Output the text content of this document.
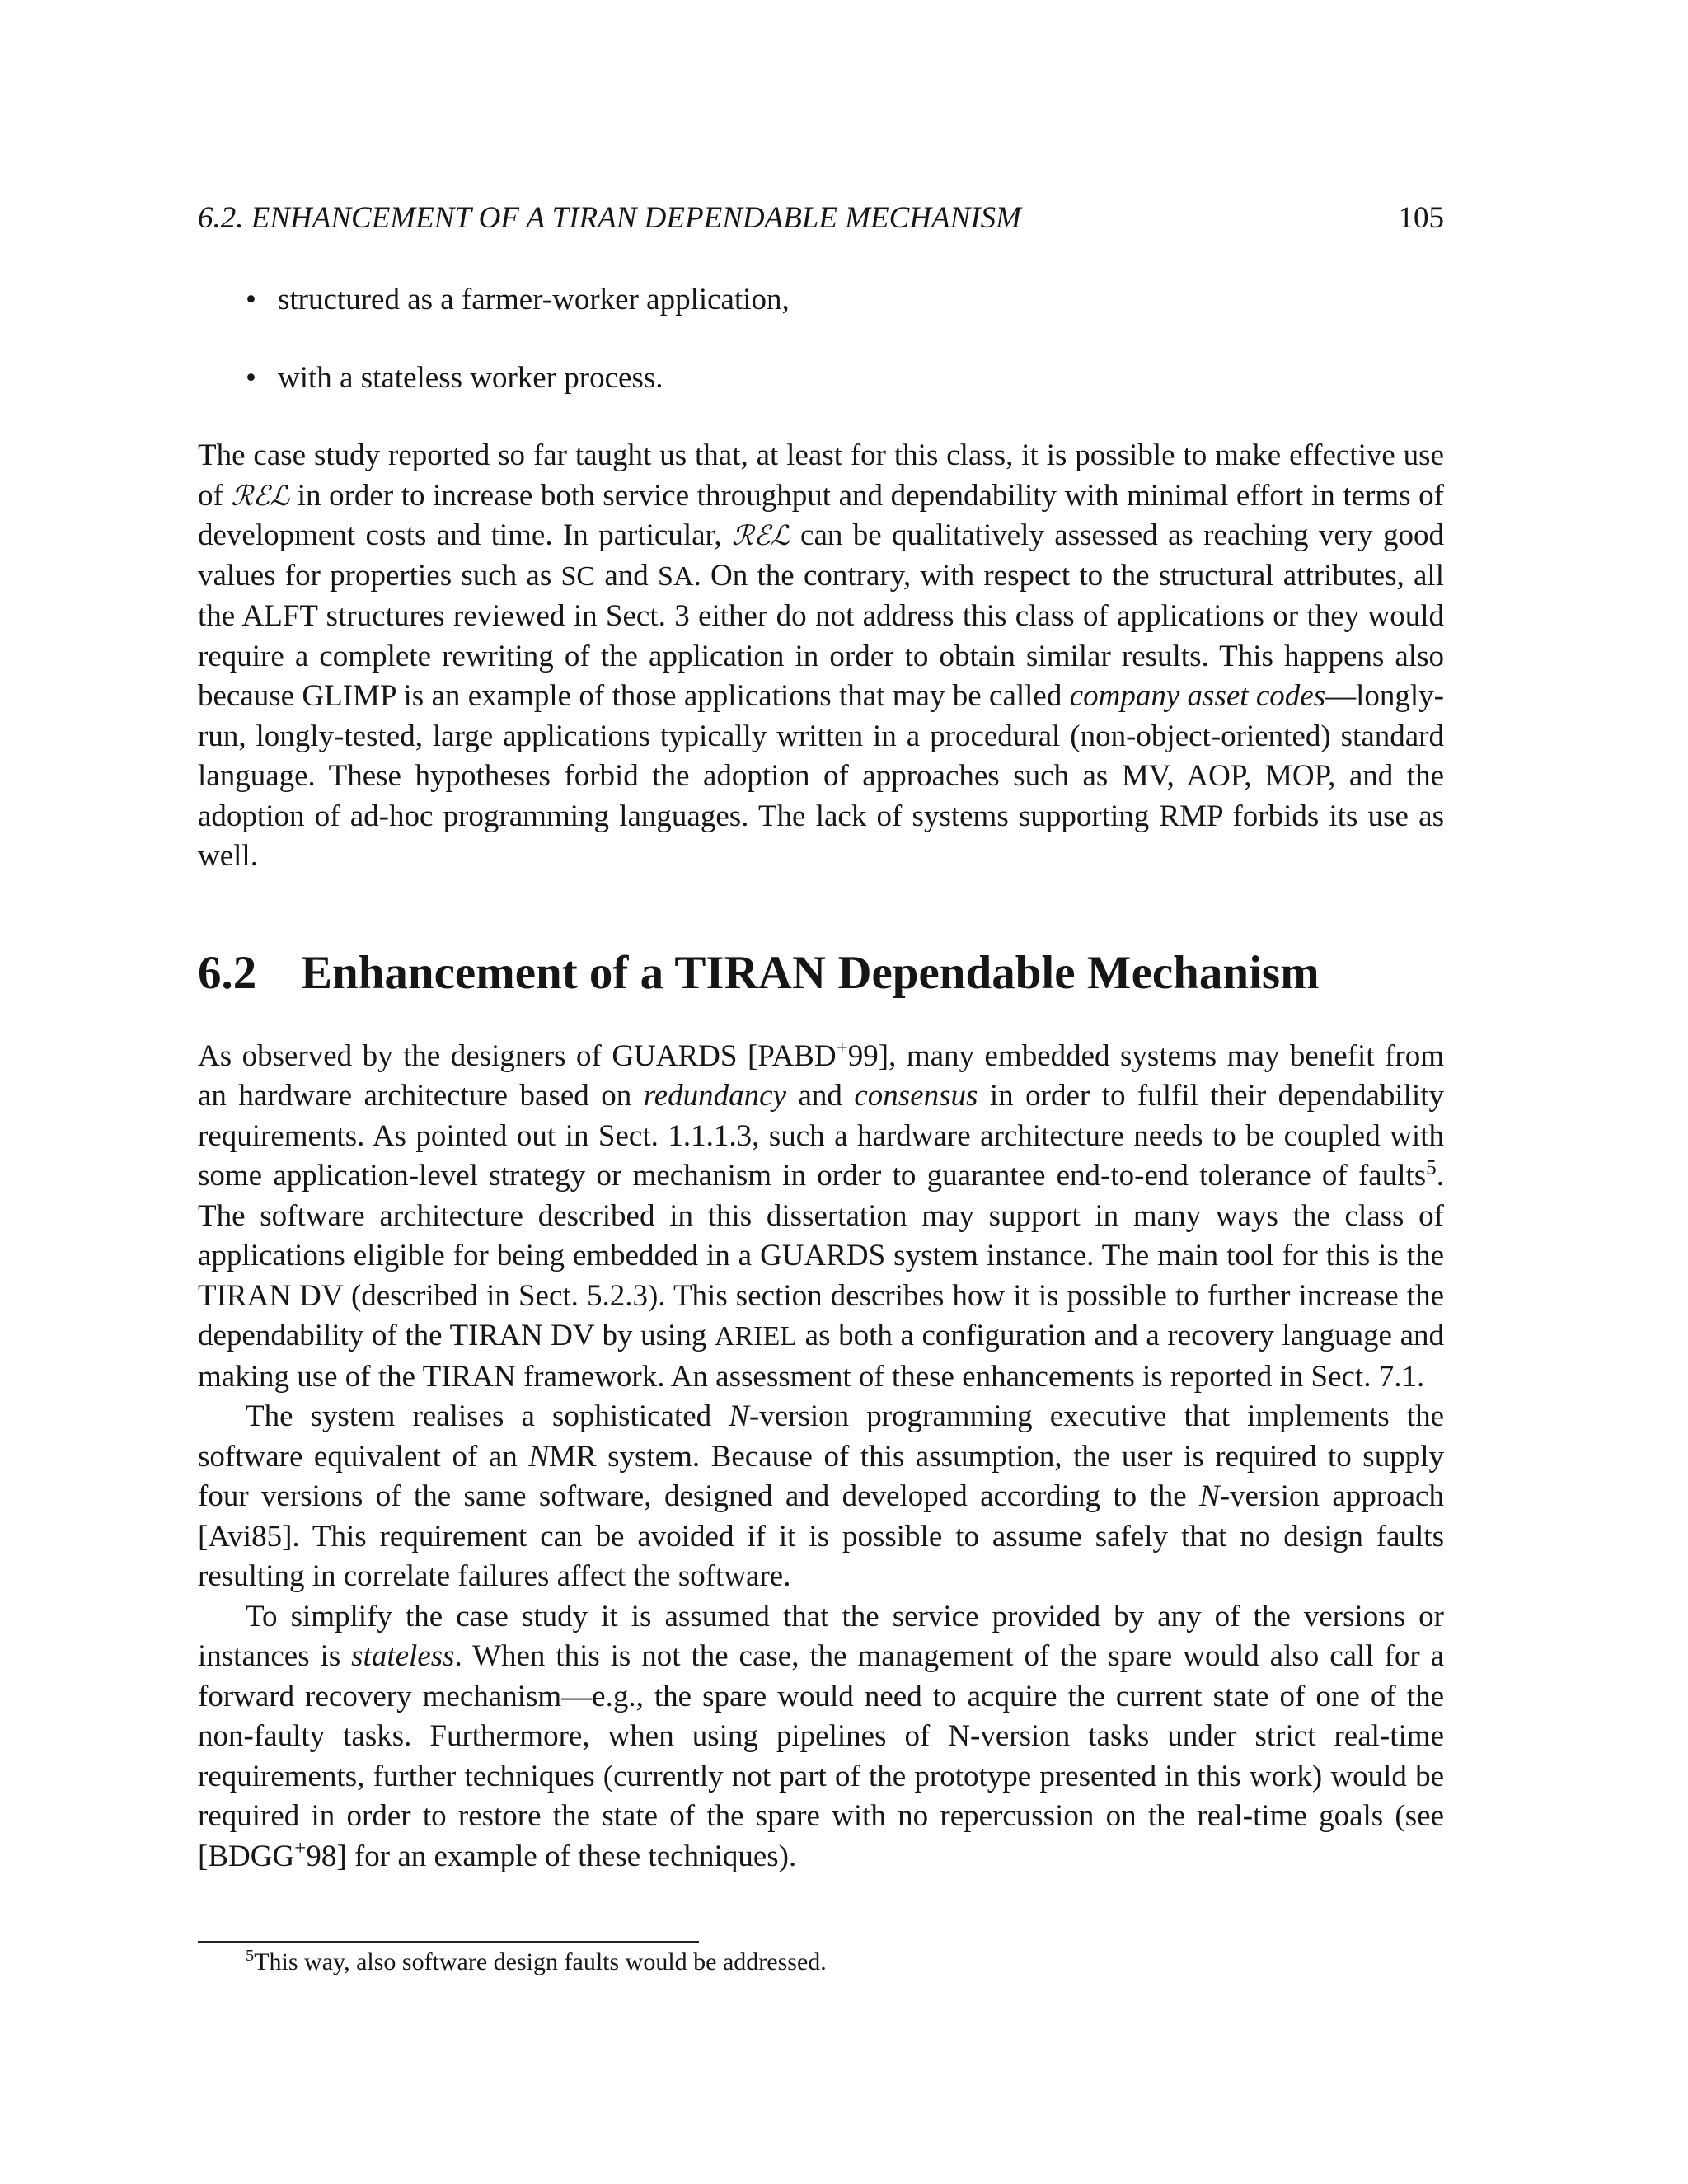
6.2. ENHANCEMENT OF A TIRAN DEPENDABLE MECHANISM	105
• structured as a farmer-worker application,
• with a stateless worker process.

The case study reported so far taught us that, at least for this class, it is possible to make effective use of ℛℰℒ in order to increase both service throughput and dependability with minimal effort in terms of development costs and time. In particular, ℛℰℒ can be qualitatively assessed as reaching very good values for properties such as SC and SA. On the contrary, with respect to the structural attributes, all the ALFT structures reviewed in Sect. 3 either do not address this class of applications or they would require a complete rewriting of the application in order to obtain similar results. This happens also because GLIMP is an example of those applications that may be called company asset codes—longly-run, longly-tested, large applications typically written in a procedural (non-object-oriented) standard language. These hypotheses forbid the adoption of approaches such as MV, AOP, MOP, and the adoption of ad-hoc programming languages. The lack of systems supporting RMP forbids its use as well.

6.2 Enhancement of a TIRAN Dependable Mechanism

As observed by the designers of GUARDS [PABD+99], many embedded systems may benefit from an hardware architecture based on redundancy and consensus in order to fulfil their dependability requirements. As pointed out in Sect. 1.1.1.3, such a hardware architecture needs to be coupled with some application-level strategy or mechanism in order to guarantee end-to-end tolerance of faults$^5$. The software architecture described in this dissertation may support in many ways the class of applications eligible for being embedded in a GUARDS system instance. The main tool for this is the TIRAN DV (described in Sect. 5.2.3). This section describes how it is possible to further increase the dependability of the TIRAN DV by using ARIEL as both a configuration and a recovery language and making use of the TIRAN framework. An assessment of these enhancements is reported in Sect. 7.1.

The system realises a sophisticated N-version programming executive that implements the software equivalent of an NMR system. Because of this assumption, the user is required to supply four versions of the same software, designed and developed according to the N-version approach [Avi85]. This requirement can be avoided if it is possible to assume safely that no design faults resulting in correlate failures affect the software.

To simplify the case study it is assumed that the service provided by any of the versions or instances is stateless. When this is not the case, the management of the spare would also call for a forward recovery mechanism—e.g., the spare would need to acquire the current state of one of the non-faulty tasks. Furthermore, when using pipelines of N-version tasks under strict real-time requirements, further techniques (currently not part of the prototype presented in this work) would be required in order to restore the state of the spare with no repercussion on the real-time goals (see [BDGG+98] for an example of these techniques).

$^5$This way, also software design faults would be addressed.
